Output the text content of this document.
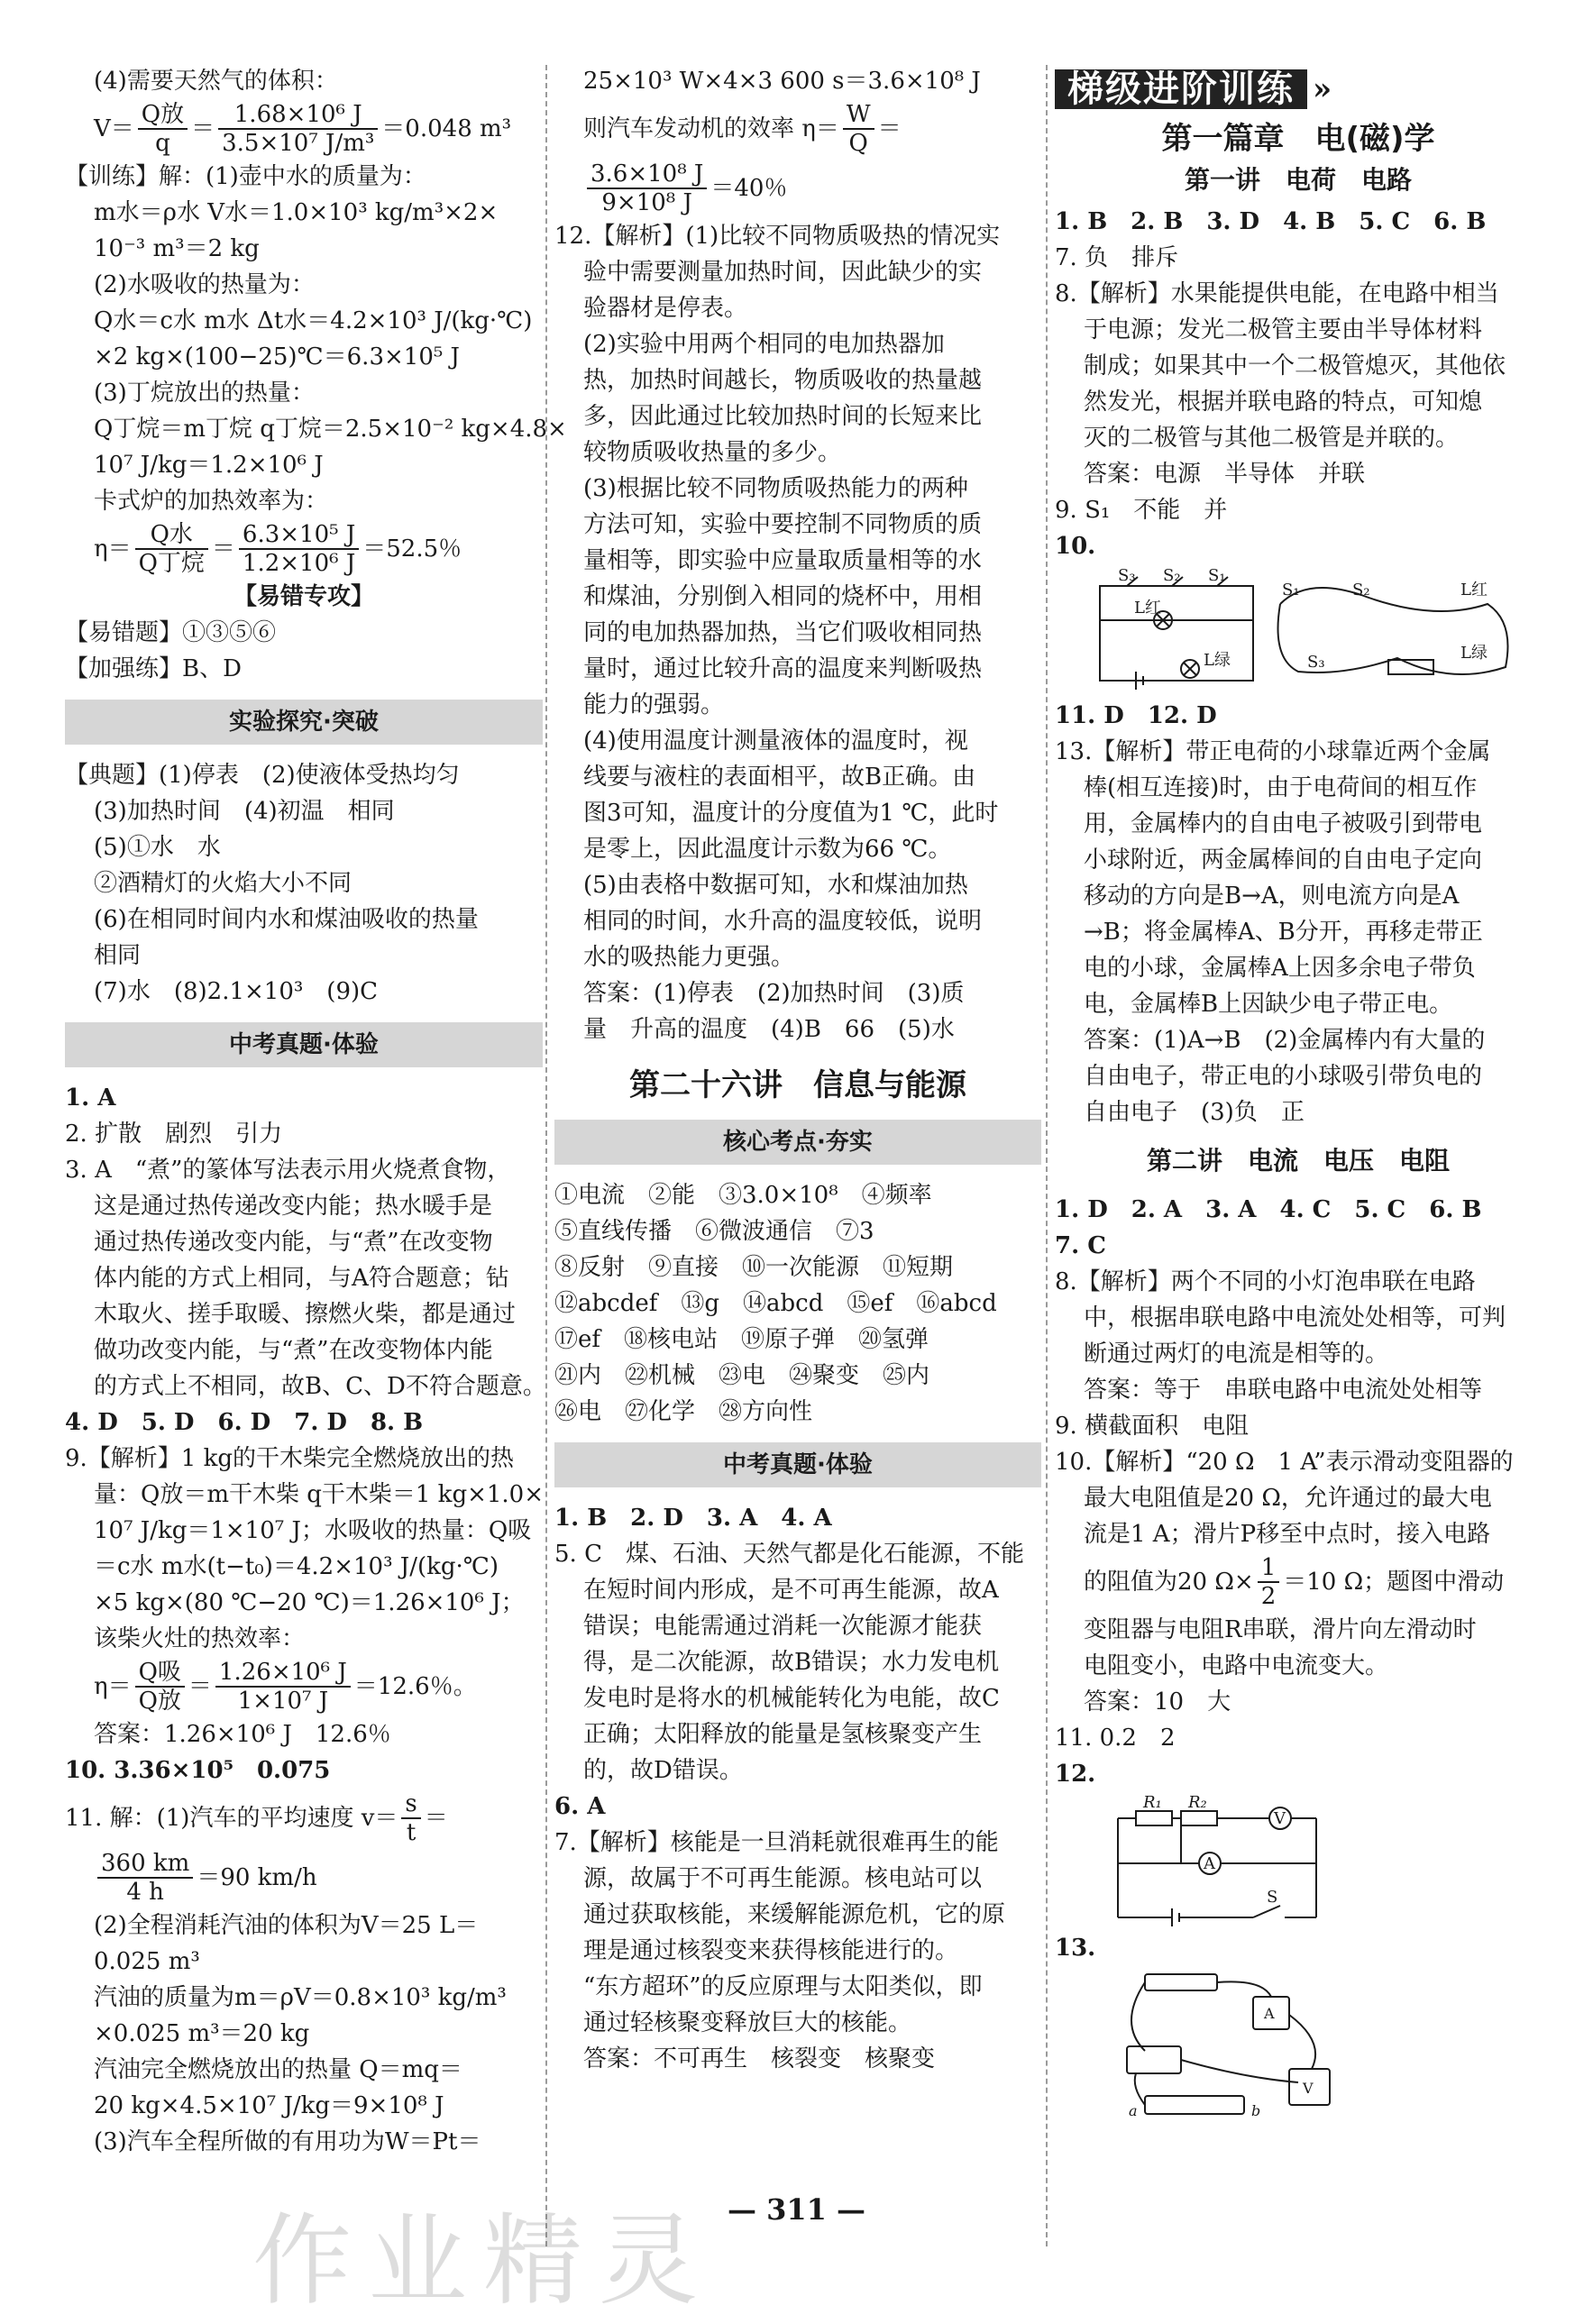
(4)需要天然气的体积：
$V= \frac{\text{Q放}}{q} = \frac{\text{1.68×10⁶ J}}{\text{3.5×10⁷ J/m³}} =0.048$ m³
【训练】解：(1)壶中水的质量为：
m水＝ρ水 V水＝1.0×10³ kg/m³×2×
10⁻³ m³＝2 kg
(2)水吸收的热量为：
Q水＝c水 m水 Δt水＝4.2×10³ J/(kg·℃)
×2 kg×(100−25)℃＝6.3×10⁵ J
(3)丁烷放出的热量：
Q丁烷＝m丁烷 q丁烷＝2.5×10⁻² kg×4.8×
10⁷ J/kg＝1.2×10⁶ J
卡式炉的加热效率为：
$\eta= \frac{\text{Q水}}{\text{Q丁烷}} = \frac{\text{6.3×10⁵ J}}{\text{1.2×10⁶ J}} =52.5$％
【易错专攻】
【易错题】①③⑤⑥
【加强练】B、D
实验探究·突破
【典题】(1)停表　(2)使液体受热均匀
(3)加热时间　(4)初温　相同
(5)①水　水
②酒精灯的火焰大小不同
(6)在相同时间内水和煤油吸收的热量
相同
(7)水　(8)2.1×10³　(9)C
中考真题·体验
1. A
2. 扩散　剧烈　引力
3. A　“煮”的篆体写法表示用火烧煮食物，
这是通过热传递改变内能；热水暖手是
通过热传递改变内能，与“煮”在改变物
体内能的方式上相同，与A符合题意；钻
木取火、搓手取暖、擦燃火柴，都是通过
做功改变内能，与“煮”在改变物体内能
的方式上不相同，故B、C、D不符合题意。
4. D　5. D　6. D　7. D　8. B
9.【解析】1 kg的干木柴完全燃烧放出的热
量：Q放＝m干木柴 q干木柴＝1 kg×1.0×
10⁷ J/kg＝1×10⁷ J；水吸收的热量：Q吸
＝c水 m水(t−t₀)＝4.2×10³ J/(kg·℃)
×5 kg×(80 ℃−20 ℃)＝1.26×10⁶ J；
该柴火灶的热效率：
$\eta= \frac{\text{Q吸}}{\text{Q放}} = \frac{\text{1.26×10⁶ J}}{\text{1×10⁷ J}} =12.6$％。
答案：1.26×10⁶ J　12.6％
10. 3.36×10⁵　0.075
11. 解：(1)汽车的平均速度 $v= \frac{s}{t}$ ＝
$\frac{360 km}{4 h} =90$ km/h
(2)全程消耗汽油的体积为V＝25 L＝
0.025 m³
汽油的质量为m＝ρV＝0.8×10³ kg/m³
×0.025 m³＝20 kg
汽油完全燃烧放出的热量 Q＝mq＝
20 kg×4.5×10⁷ J/kg＝9×10⁸ J
(3)汽车全程所做的有用功为W＝Pt＝
25×10³ W×4×3 600 s＝3.6×10⁸ J
则汽车发动机的效率 $\eta= \frac{W}{Q}$ ＝
$\frac{\text{3.6×10⁸ J}}{\text{9×10⁸ J}} =40$％
12.【解析】(1)比较不同物质吸热的情况实
验中需要测量加热时间，因此缺少的实
验器材是停表。
(2)实验中用两个相同的电加热器加
热，加热时间越长，物质吸收的热量越
多，因此通过比较加热时间的长短来比
较物质吸收热量的多少。
(3)根据比较不同物质吸热能力的两种
方法可知，实验中要控制不同物质的质
量相等，即实验中应量取质量相等的水
和煤油，分别倒入相同的烧杯中，用相
同的电加热器加热，当它们吸收相同热
量时，通过比较升高的温度来判断吸热
能力的强弱。
(4)使用温度计测量液体的温度时，视
线要与液柱的表面相平，故B正确。由
图3可知，温度计的分度值为1 ℃，此时
是零上，因此温度计示数为66 ℃。
(5)由表格中数据可知，水和煤油加热
相同的时间，水升高的温度较低，说明
水的吸热能力更强。
答案：(1)停表　(2)加热时间　(3)质
量　升高的温度　(4)B　66　(5)水
第二十六讲　信息与能源
核心考点·夯实
①电流　②能　③3.0×10⁸　④频率
⑤直线传播　⑥微波通信　⑦3
⑧反射　⑨直接　⑩一次能源　⑪短期
⑫abcdef　⑬g　⑭abcd　⑮ef　⑯abcd
⑰ef　⑱核电站　⑲原子弹　⑳氢弹
㉑内　㉒机械　㉓电　㉔聚变　㉕内
㉖电　㉗化学　㉘方向性
中考真题·体验
1. B　2. D　3. A　4. A
5. C　煤、石油、天然气都是化石能源，不能
在短时间内形成，是不可再生能源，故A
错误；电能需通过消耗一次能源才能获
得，是二次能源，故B错误；水力发电机
发电时是将水的机械能转化为电能，故C
正确；太阳释放的能量是氢核聚变产生
的，故D错误。
6. A
7.【解析】核能是一旦消耗就很难再生的能
源，故属于不可再生能源。核电站可以
通过获取核能，来缓解能源危机，它的原
理是通过核裂变来获得核能进行的。
“东方超环”的反应原理与太阳类似，即
通过轻核聚变释放巨大的核能。
答案：不可再生　核裂变　核聚变
梯级进阶训练 »
第一篇章　电(磁)学
第一讲　电荷　电路
1. B　2. B　3. D　4. B　5. C　6. B
7. 负　排斥
8.【解析】水果能提供电能，在电路中相当
于电源；发光二极管主要由半导体材料
制成；如果其中一个二极管熄灭，其他依
然发光，根据并联电路的特点，可知熄
灭的二极管与其他二极管是并联的。
答案：电源　半导体　并联
9. S₁　不能　并
10.
S₃ S₂ S₁
L红
L绿
S₁	S₂	L红
S₃	L绿
11. D　12. D
13.【解析】带正电荷的小球靠近两个金属
棒(相互连接)时，由于电荷间的相互作
用，金属棒内的自由电子被吸引到带电
小球附近，两金属棒间的自由电子定向
移动的方向是B→A，则电流方向是A
→B；将金属棒A、B分开，再移走带正
电的小球，金属棒A上因多余电子带负
电，金属棒B上因缺少电子带正电。
答案：(1)A→B　(2)金属棒内有大量的
自由电子，带正电的小球吸引带负电的
自由电子　(3)负　正
第二讲　电流　电压　电阻
1. D　2. A　3. A　4. C　5. C　6. B
7. C
8.【解析】两个不同的小灯泡串联在电路
中，根据串联电路中电流处处相等，可判
断通过两灯的电流是相等的。
答案：等于　串联电路中电流处处相等
9. 横截面积　电阻
10.【解析】“20 Ω　1 A”表示滑动变阻器的
最大电阻值是20 Ω，允许通过的最大电
流是1 A；滑片P移至中点时，接入电路
的阻值为20 $\Omega\times \frac{1}{2} =10$ Ω；题图中滑动
变阻器与电阻R串联，滑片向左滑动时
电阻变小，电路中电流变大。
答案：10　大
11. 0.2　2
12.
R₁ R₂
V
A
S
13.
A
V
a	b
作业精灵 — 311 —
